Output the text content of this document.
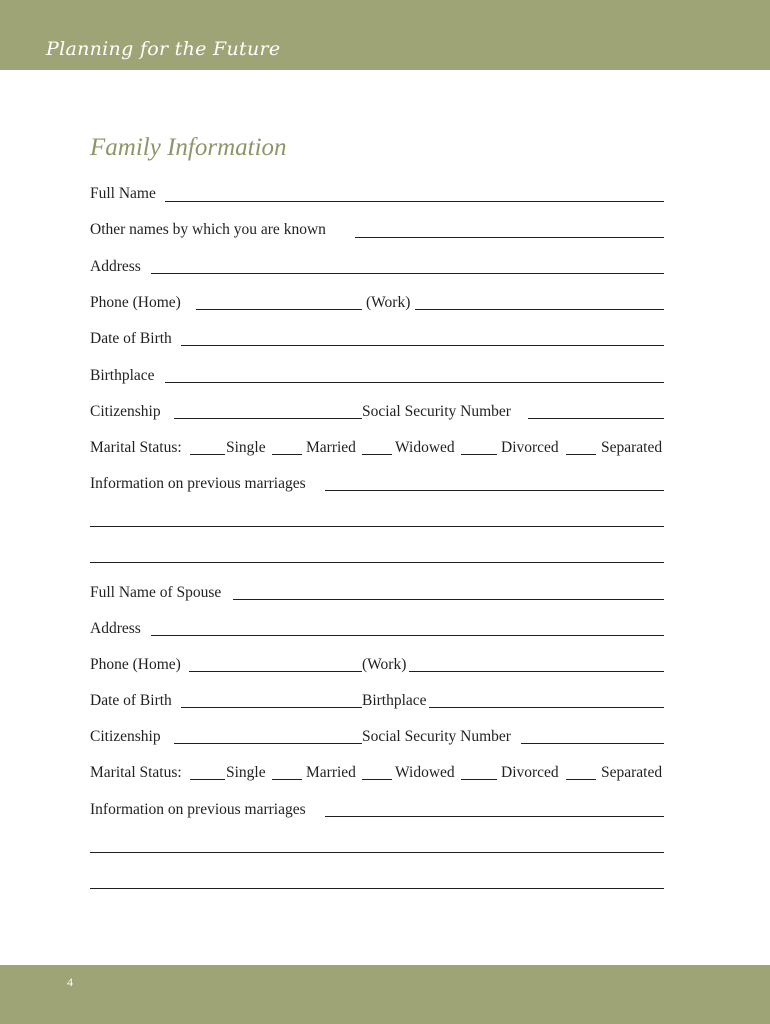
Planning for the Future
Family Information
Full Name
Other names by which you are known
Address
Phone (Home)	(Work)
Date of Birth
Birthplace
Citizenship	Social Security Number
Marital Status:	Single	Married	Widowed	Divorced	Separated
Information on previous marriages
Full Name of Spouse
Address
Phone (Home)	(Work)
Date of Birth	Birthplace
Citizenship	Social Security Number
Marital Status:	Single	Married	Widowed	Divorced	Separated
Information on previous marriages
4
